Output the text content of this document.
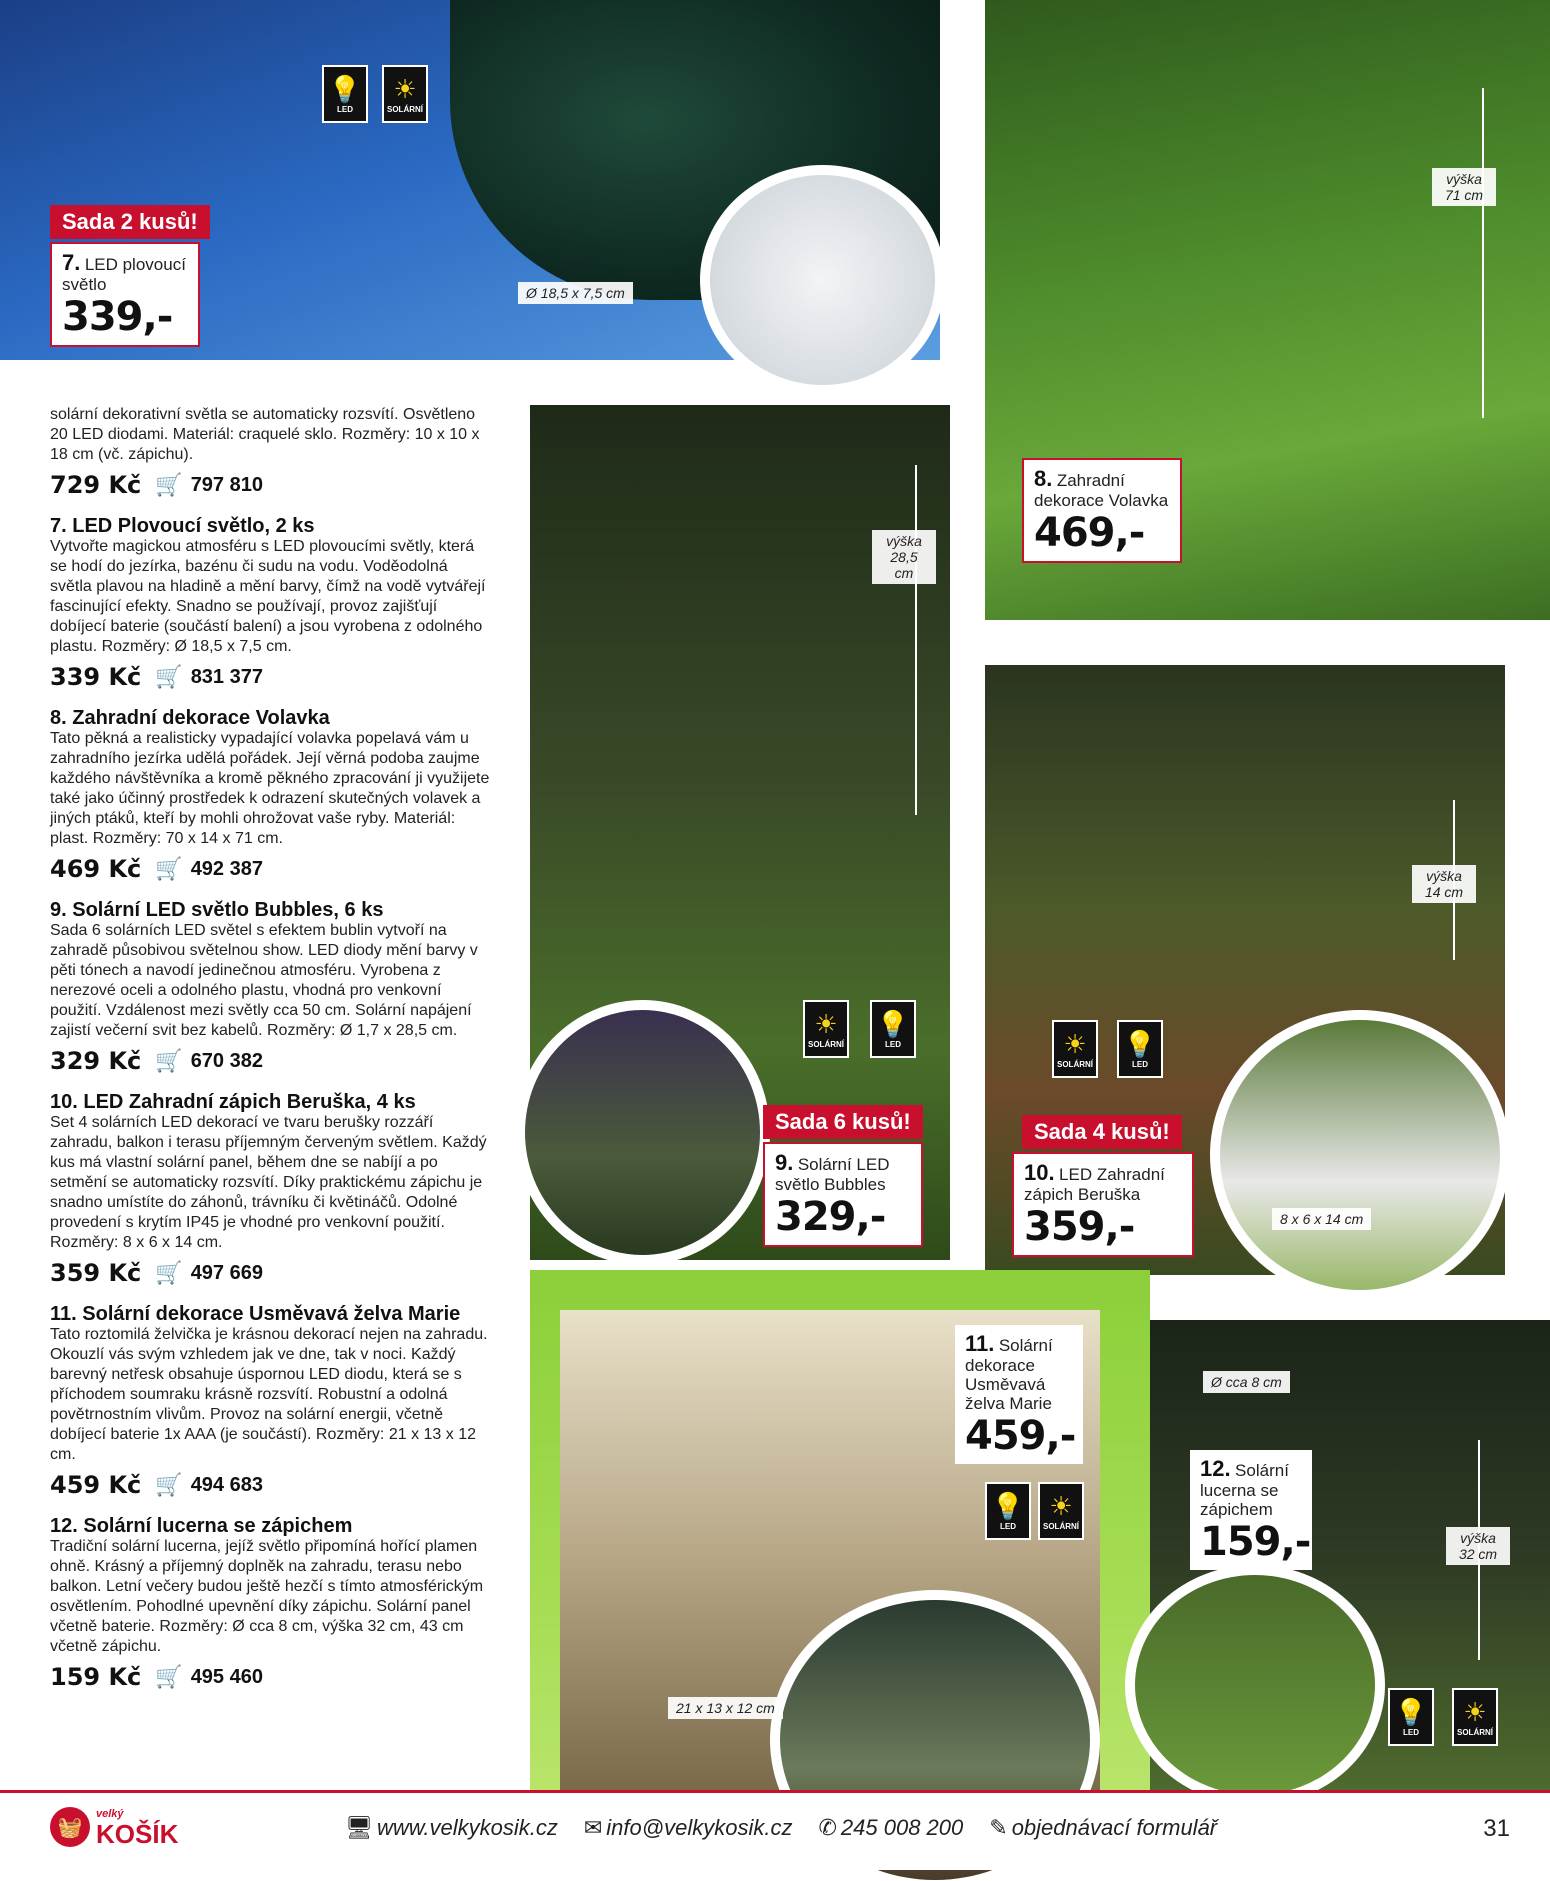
Sada 2 kusů!
7. LED plovoucí světlo
339,-
💡
LED
☀
SOLÁRNÍ
Ø 18,5 x 7,5 cm
8. Zahradní dekorace Volavka
469,-
výška 71 cm
výška 28,5 cm
☀
SOLÁRNÍ
💡
LED
Sada 6 kusů!
9. Solární LED světlo Bubbles
329,-
výška 14 cm
☀
SOLÁRNÍ
💡
LED
Sada 4 kusů!
10. LED Zahradní zápich Beruška
359,-	8 x 6 x 14 cm
11. Solární dekorace Usměvavá želva Marie
459,-
💡
LED
☀
SOLÁRNÍ
21 x 13 x 12 cm
Ø cca 8 cm
12. Solární lucerna se zápichem
159,-	výška 32 cm
💡
LED
☀
SOLÁRNÍ
solární dekorativní světla se automaticky rozsvítí. Osvětleno 20 LED diodami. Materiál: craquelé sklo. Rozměry: 10 x 10 x 18 cm (vč. zápichu).
729 Kč 🛒 797 810
7. LED Plovoucí světlo, 2 ks
Vytvořte magickou atmosféru s LED plovoucími světly, která se hodí do jezírka, bazénu či sudu na vodu. Voděodolná světla plavou na hladině a mění barvy, čímž na vodě vytvářejí fascinující efekty. Snadno se používají, provoz zajišťují dobíjecí baterie (součástí balení) a jsou vyrobena z odolného plastu. Rozměry: Ø 18,5 x 7,5 cm.
339 Kč 🛒 831 377
8. Zahradní dekorace Volavka
Tato pěkná a realisticky vypadající volavka popelavá vám u zahradního jezírka udělá pořádek. Její věrná podoba zaujme každého návštěvníka a kromě pěkného zpracování ji využijete také jako účinný prostředek k odrazení skutečných volavek a jiných ptáků, kteří by mohli ohrožovat vaše ryby. Materiál: plast. Rozměry: 70 x 14 x 71 cm.
469 Kč 🛒 492 387
9. Solární LED světlo Bubbles, 6 ks
Sada 6 solárních LED světel s efektem bublin vytvoří na zahradě působivou světelnou show. LED diody mění barvy v pěti tónech a navodí jedinečnou atmosféru. Vyrobena z nerezové oceli a odolného plastu, vhodná pro venkovní použití. Vzdálenost mezi světly cca 50 cm. Solární napájení zajistí večerní svit bez kabelů. Rozměry: Ø 1,7 x 28,5 cm.
329 Kč 🛒 670 382
10. LED Zahradní zápich Beruška, 4 ks
Set 4 solárních LED dekorací ve tvaru berušky rozzáří zahradu, balkon i terasu příjemným červeným světlem. Každý kus má vlastní solární panel, během dne se nabíjí a po setmění se automaticky rozsvítí. Díky praktickému zápichu je snadno umístíte do záhonů, trávníku či květináčů. Odolné provedení s krytím IP45 je vhodné pro venkovní použití. Rozměry: 8 x 6 x 14 cm.
359 Kč 🛒 497 669
11. Solární dekorace Usměvavá želva Marie
Tato roztomilá želvička je krásnou dekorací nejen na zahradu. Okouzlí vás svým vzhledem jak ve dne, tak v noci. Každý barevný netřesk obsahuje úspornou LED diodu, která se s příchodem soumraku krásně rozsvítí. Robustní a odolná povětrnostním vlivům. Provoz na solární energii, včetně dobíjecí baterie 1x AAA (je součástí). Rozměry: 21 x 13 x 12 cm.
459 Kč 🛒 494 683
12. Solární lucerna se zápichem
Tradiční solární lucerna, jejíž světlo připomíná hořící plamen ohně. Krásný a příjemný doplněk na zahradu, terasu nebo balkon. Letní večery budou ještě hezčí s tímto atmosférickým osvětlením. Pohodlné upevnění díky zápichu. Solární panel včetně baterie. Rozměry: Ø cca 8 cm, výška 32 cm, 43 cm včetně zápichu.
159 Kč 🛒 495 460
🧺
velký
KOŠÍK	🖥 www.velkykosik.cz ✉ info@velkykosik.cz ✆ 245 008 200 ✎ objednávací formulář	31
